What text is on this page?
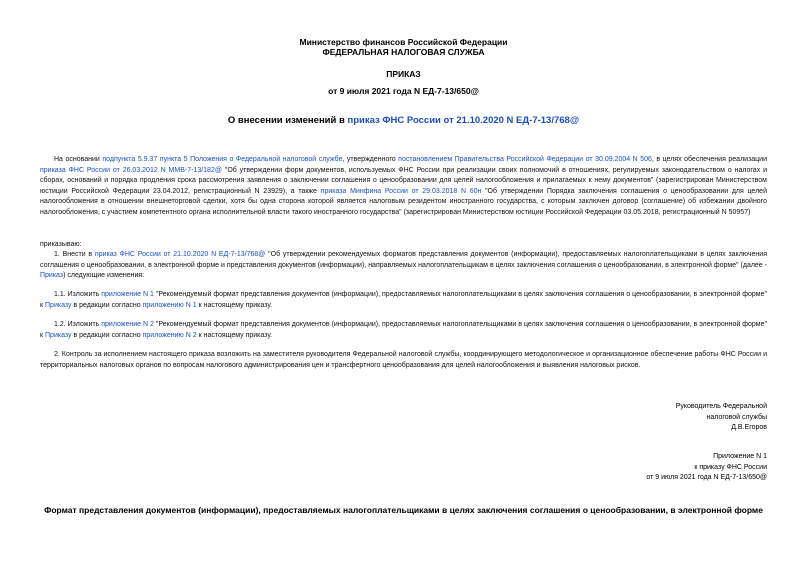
Министерство финансов Российской Федерации
ФЕДЕРАЛЬНАЯ НАЛОГОВАЯ СЛУЖБА
ПРИКАЗ
от 9 июля 2021 года N ЕД-7-13/650@
О внесении изменений в приказ ФНС России от 21.10.2020 N ЕД-7-13/768@
На основании подпункта 5.9.37 пункта 5 Положения о Федеральной налоговой службе, утвержденного постановлением Правительства Российской Федерации от 30.09.2004 N 506, в целях обеспечения реализации приказа ФНС России от 26.03.2012 N ММВ-7-13/182@ "Об утверждении форм документов, используемых ФНС России при реализации своих полномочий в отношениях, регулируемых законодательством о налогах и сборах, оснований и порядка продления срока рассмотрения заявления о заключении соглашения о ценообразовании для целей налогообложения и прилагаемых к нему документов" (зарегистрирован Министерством юстиции Российской Федерации 23.04.2012, регистрационный N 23929), а также приказа Минфина России от 29.03.2018 N 60н "Об утверждении Порядка заключения соглашения о ценообразовании для целей налогообложения в отношении внешнеторговой сделки, хотя бы одна сторона которой является налоговым резидентом иностранного государства, с которым заключен договор (соглашение) об избежании двойного налогообложения, с участием компетентного органа исполнительной власти такого иностранного государства" (зарегистрирован Министерством юстиции Российской Федерации 03.05.2018, регистрационный N 50957)
приказываю:
1. Внести в приказ ФНС России от 21.10.2020 N ЕД-7-13/768@ "Об утверждении рекомендуемых форматов представления документов (информации), предоставляемых налогоплательщиками в целях заключения соглашения о ценообразовании, в электронной форме и представления документов (информации), направляемых налогоплательщикам в целях заключения соглашения о ценообразовании, в электронной форме" (далее - Приказ) следующие изменения:
1.1. Изложить приложение N 1 "Рекомендуемый формат представления документов (информации), предоставляемых налогоплательщиками в целях заключения соглашения о ценообразовании, в электронной форме" к Приказу в редакции согласно приложению N 1 к настоящему приказу.
1.2. Изложить приложение N 2 "Рекомендуемый формат представления документов (информации), предоставляемых налогоплательщиками в целях заключения соглашения о ценообразовании, в электронной форме" к Приказу в редакции согласно приложению N 2 к настоящему приказу.
2. Контроль за исполнением настоящего приказа возложить на заместителя руководителя Федеральной налоговой службы, координирующего методологическое и организационное обеспечение работы ФНС России и территориальных налоговых органов по вопросам налогового администрирования цен и трансфертного ценообразования для целей налогообложения и выявления налоговых рисков.
Руководитель Федеральной
налоговой службы
Д.В.Егоров
Приложение N 1
к приказу ФНС России
от 9 июля 2021 года N ЕД-7-13/650@
Формат представления документов (информации), предоставляемых налогоплательщиками в целях заключения соглашения о ценообразовании, в электронной форме
